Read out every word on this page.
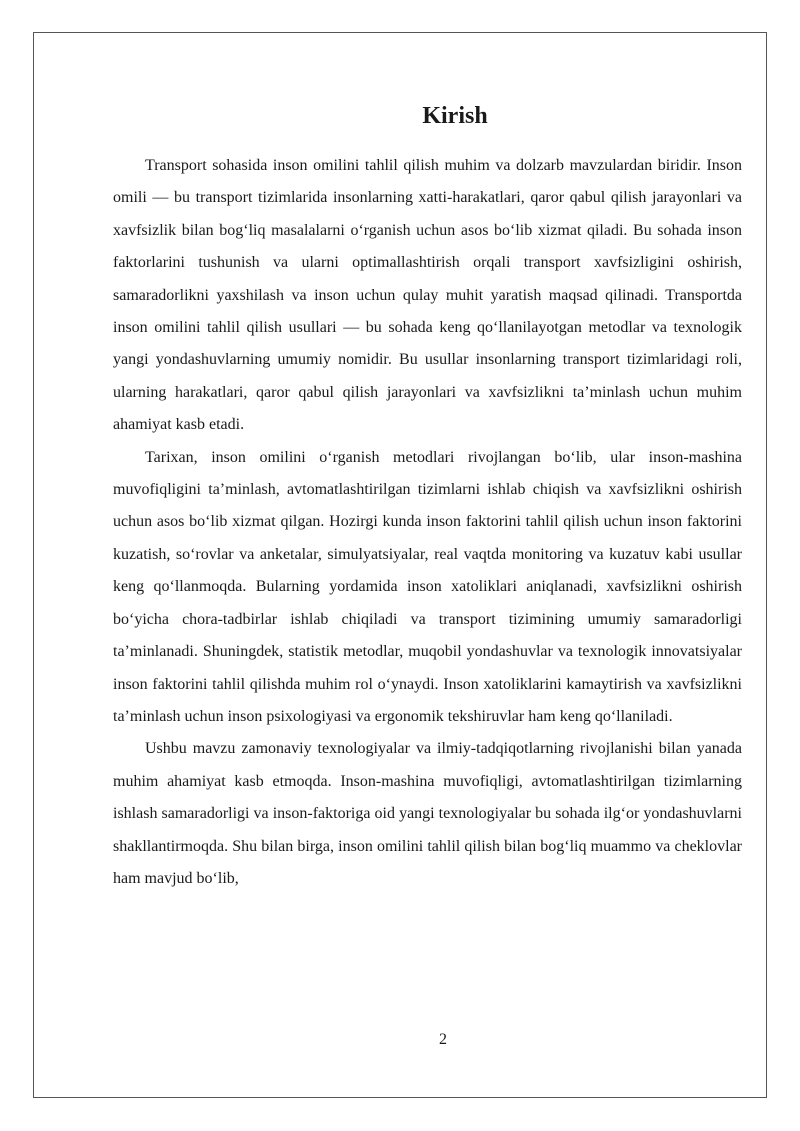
Kirish

Transport sohasida inson omilini tahlil qilish muhim va dolzarb mavzulardan biridir. Inson omili — bu transport tizimlarida insonlarning xatti-harakatlari, qaror qabul qilish jarayonlari va xavfsizlik bilan bog‘liq masalalarni o‘rganish uchun asos bo‘lib xizmat qiladi. Bu sohada inson faktorlarini tushunish va ularni optimallashtirish orqali transport xavfsizligini oshirish, samaradorlikni yaxshilash va inson uchun qulay muhit yaratish maqsad qilinadi. Transportda inson omilini tahlil qilish usullari — bu sohada keng qo‘llanilayotgan metodlar va texnologik yangi yondashuvlarning umumiy nomidir. Bu usullar insonlarning transport tizimlaridagi roli, ularning harakatlari, qaror qabul qilish jarayonlari va xavfsizlikni ta’minlash uchun muhim ahamiyat kasb etadi.

Tarixan, inson omilini o‘rganish metodlari rivojlangan bo‘lib, ular inson-mashina muvofiqligini ta’minlash, avtomatlashtirilgan tizimlarni ishlab chiqish va xavfsizlikni oshirish uchun asos bo‘lib xizmat qilgan. Hozirgi kunda inson faktorini tahlil qilish uchun inson faktorini kuzatish, so‘rovlar va anketalar, simulyatsiyalar, real vaqtda monitoring va kuzatuv kabi usullar keng qo‘llanmoqda. Bularning yordamida inson xatoliklari aniqlanadi, xavfsizlikni oshirish bo‘yicha chora-tadbirlar ishlab chiqiladi va transport tizimining umumiy samaradorligi ta’minlanadi. Shuningdek, statistik metodlar, muqobil yondashuvlar va texnologik innovatsiyalar inson faktorini tahlil qilishda muhim rol o‘ynaydi. Inson xatoliklarini kamaytirish va xavfsizlikni ta’minlash uchun inson psixologiyasi va ergonomik tekshiruvlar ham keng qo‘llaniladi.

Ushbu mavzu zamonaviy texnologiyalar va ilmiy-tadqiqotlarning rivojlanishi bilan yanada muhim ahamiyat kasb etmoqda. Inson-mashina muvofiqligi, avtomatlashtirilgan tizimlarning ishlash samaradorligi va inson-faktoriga oid yangi texnologiyalar bu sohada ilg‘or yondashuvlarni shakllantirmoqda. Shu bilan birga, inson omilini tahlil qilish bilan bog‘liq muammo va cheklovlar ham mavjud bo‘lib,

2
